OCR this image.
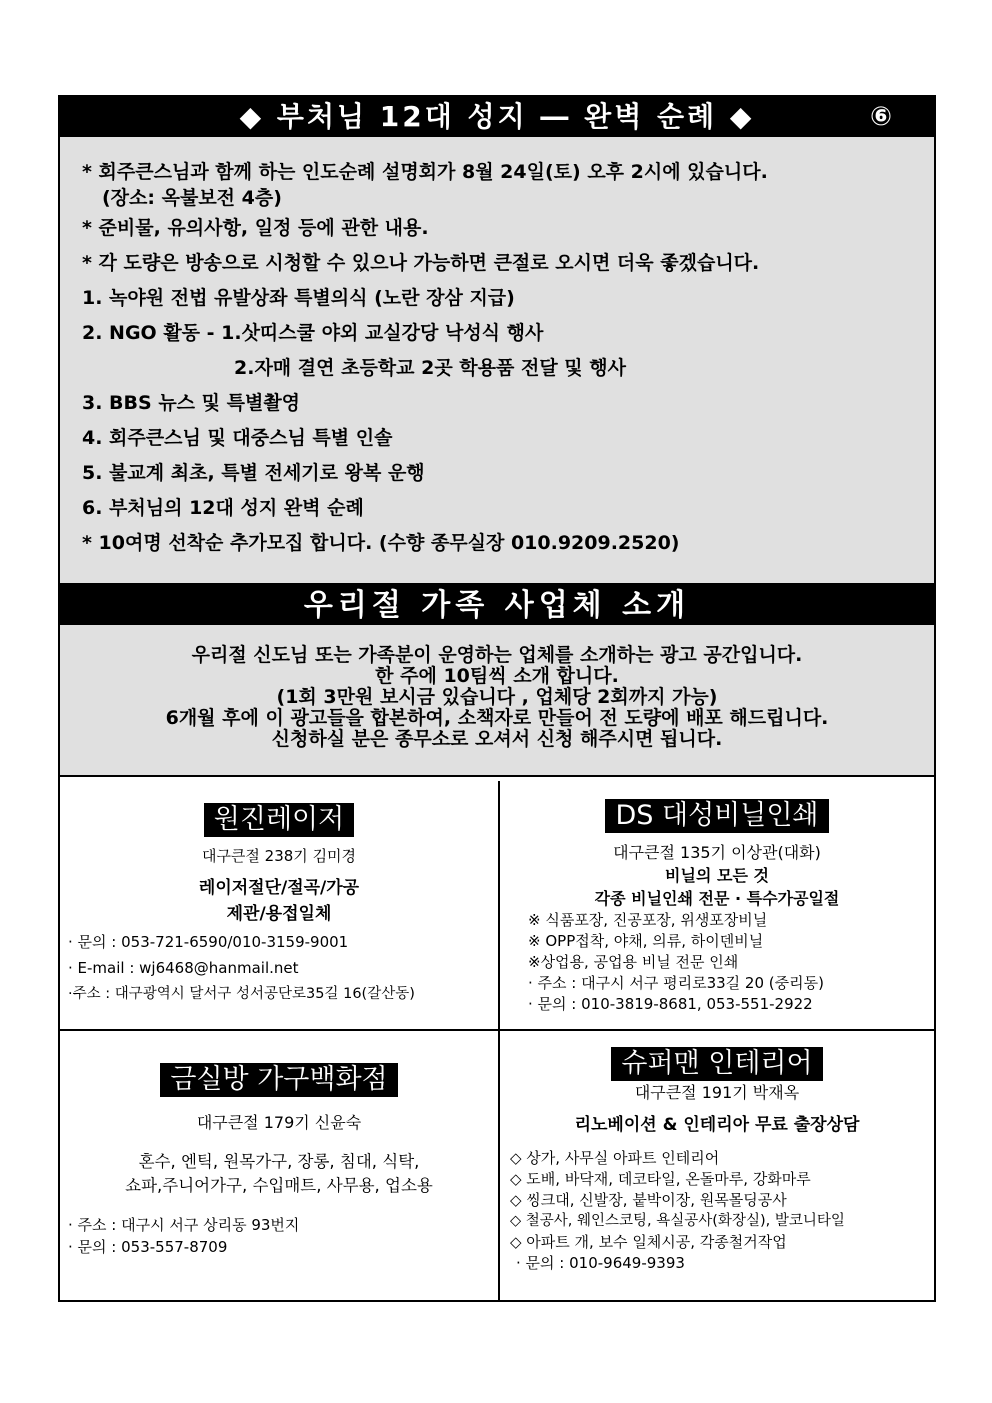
◆ 부처님 12대 성지 ― 완벽 순례 ◆	⑥
* 회주큰스님과 함께 하는 인도순례 설명회가 8월 24일(토) 오후 2시에 있습니다.
(장소: 옥불보전 4층)
* 준비물, 유의사항, 일정 등에 관한 내용.
* 각 도량은 방송으로 시청할 수 있으나 가능하면 큰절로 오시면 더욱 좋겠습니다.
1. 녹야원 전법 유발상좌 특별의식 (노란 장삼 지급)
2. NGO 활동 - 1.삿띠스쿨 야외 교실강당 낙성식 행사
2.자매 결연 초등학교 2곳 학용품 전달 및 행사
3. BBS 뉴스 및 특별촬영
4. 회주큰스님 및 대중스님 특별 인솔
5. 불교계 최초, 특별 전세기로 왕복 운행
6. 부처님의 12대 성지 완벽 순례
* 10여명 선착순 추가모집 합니다. (수향 종무실장 010.9209.2520)
우리절 가족 사업체 소개
우리절 신도님 또는 가족분이 운영하는 업체를 소개하는 광고 공간입니다.
한 주에 10팀씩 소개 합니다.
(1회 3만원 보시금 있습니다 , 업체당 2회까지 가능)
6개월 후에 이 광고들을 합본하여, 소책자로 만들어 전 도량에 배포 해드립니다.
신청하실 분은 종무소로 오셔서 신청 해주시면 됩니다.
원진레이저
대구큰절 238기 김미경
레이저절단/절곡/가공
제관/용접일체
· 문의 : 053-721-6590/010-3159-9001
· E-mail : wj6468@hanmail.net
·주소 : 대구광역시 달서구 성서공단로35길 16(갈산동)
DS 대성비닐인쇄
대구큰절 135기 이상관(대화)
비닐의 모든 것
각종 비닐인쇄 전문 · 특수가공일절
※ 식품포장, 진공포장, 위생포장비닐
※ OPP접착, 야채, 의류, 하이덴비닐
※상업용, 공업용 비닐 전문 인쇄
· 주소 : 대구시 서구 평리로33길 20 (중리동)
· 문의 : 010-3819-8681, 053-551-2922
금실방 가구백화점
대구큰절 179기 신윤숙
혼수, 엔틱, 원목가구, 장롱, 침대, 식탁,
쇼파,주니어가구, 수입매트, 사무용, 업소용
· 주소 : 대구시 서구 상리동 93번지
· 문의 : 053-557-8709
슈퍼맨 인테리어
대구큰절 191기 박재옥
리노베이션 & 인테리아 무료 출장상담
◇ 상가, 사무실 아파트 인테리어
◇ 도배, 바닥재, 데코타일, 온돌마루, 강화마루
◇ 씽크대, 신발장, 붙박이장, 원목몰딩공사
◇ 철공사, 웨인스코팅, 욕실공사(화장실), 발코니타일
◇ 아파트 개, 보수 일체시공, 각종철거작업
· 문의 : 010-9649-9393
